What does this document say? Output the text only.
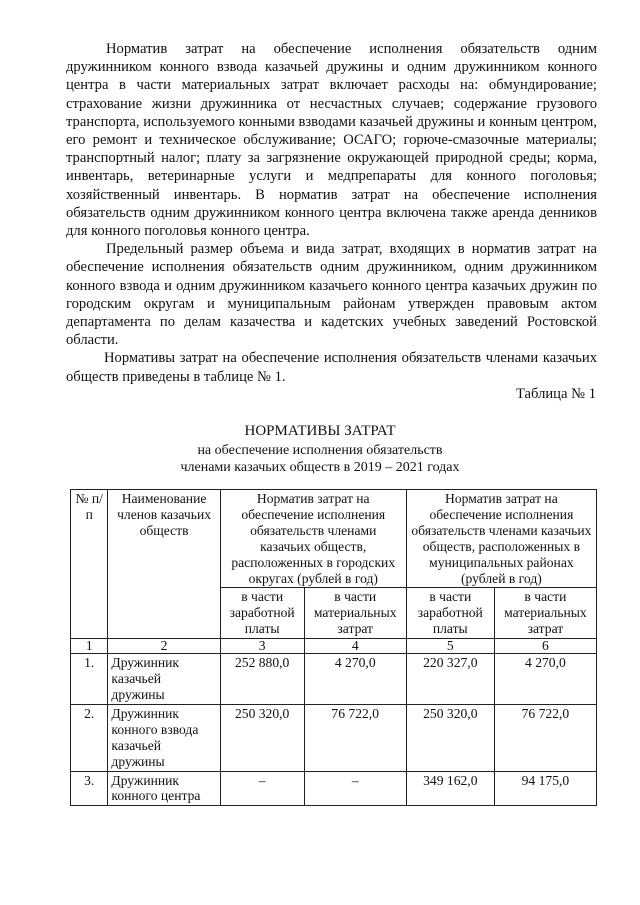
Норматив затрат на обеспечение исполнения обязательств одним дружинником конного взвода казачьей дружины и одним дружинником конного центра в части материальных затрат включает расходы на: обмундирование; страхование жизни дружинника от несчастных случаев; содержание грузового транспорта, используемого конными взводами казачьей дружины и конным центром, его ремонт и техническое обслуживание; ОСАГО; горюче-смазочные материалы; транспортный налог; плату за загрязнение окружающей природной среды; корма, инвентарь, ветеринарные услуги и медпрепараты для конного поголовья; хозяйственный инвентарь. В норматив затрат на обеспечение исполнения обязательств одним дружинником конного центра включена также аренда денников для конного поголовья конного центра.

Предельный размер объема и вида затрат, входящих в норматив затрат на обеспечение исполнения обязательств одним дружинником, одним дружинником конного взвода и одним дружинником казачьего конного центра казачьих дружин по городским округам и муниципальным районам утвержден правовым актом департамента по делам казачества и кадетских учебных заведений Ростовской области.

Нормативы затрат на обеспечение исполнения обязательств членами казачьих обществ приведены в таблице № 1.

Таблица № 1
НОРМАТИВЫ ЗАТРАТ
на обеспечение исполнения обязательств
членами казачьих обществ в 2019 – 2021 годах
№ п/п	Наименование членов казачьих обществ	Норматив затрат на обеспечение исполнения обязательств членами казачьих обществ, расположенных в городских округах (рублей в год)		Норматив затрат на обеспечение исполнения обязательств членами казачьих обществ, расположенных в муниципальных районах (рублей в год)	
		в части заработной платы	в части материальных затрат	в части заработной платы	в части материальных затрат
1	2	3	4	5	6
1.	Дружинник казачьей дружины	252 880,0	4 270,0	220 327,0	4 270,0
2.	Дружинник конного взвода казачьей дружины	250 320,0	76 722,0	250 320,0	76 722,0
3.	Дружинник конного центра	–	–	349 162,0	94 175,0
